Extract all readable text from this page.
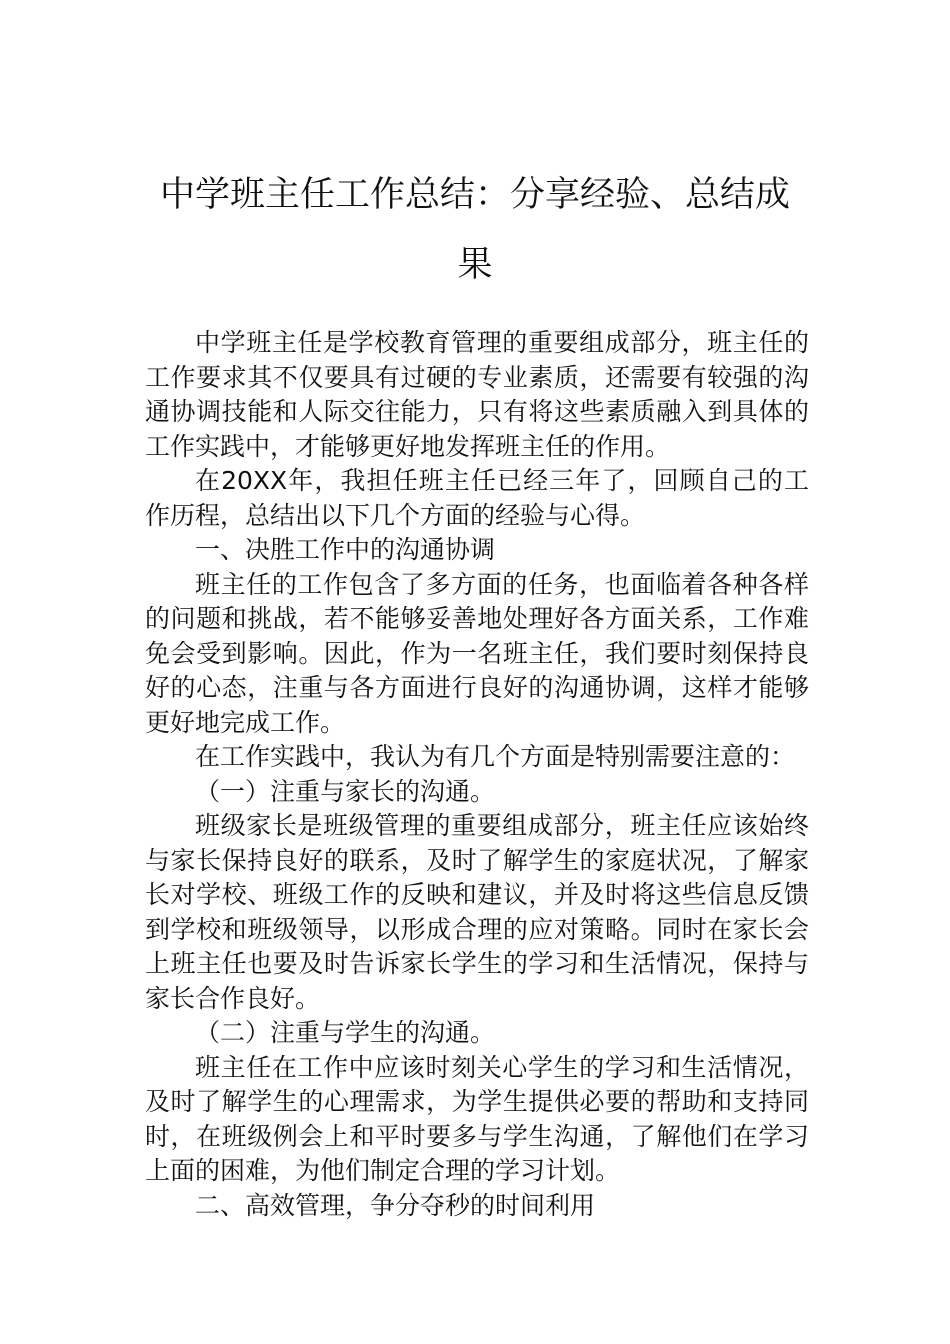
中学班主任工作总结：分享经验、总结成果

中学班主任是学校教育管理的重要组成部分，班主任的工作要求其不仅要具有过硬的专业素质，还需要有较强的沟通协调技能和人际交往能力，只有将这些素质融入到具体的工作实践中，才能够更好地发挥班主任的作用。

在20XX年，我担任班主任已经三年了，回顾自己的工作历程，总结出以下几个方面的经验与心得。

一、决胜工作中的沟通协调

班主任的工作包含了多方面的任务，也面临着各种各样的问题和挑战，若不能够妥善地处理好各方面关系，工作难免会受到影响。因此，作为一名班主任，我们要时刻保持良好的心态，注重与各方面进行良好的沟通协调，这样才能够更好地完成工作。

在工作实践中，我认为有几个方面是特别需要注意的：

（一）注重与家长的沟通。

班级家长是班级管理的重要组成部分，班主任应该始终与家长保持良好的联系，及时了解学生的家庭状况，了解家长对学校、班级工作的反映和建议，并及时将这些信息反馈到学校和班级领导，以形成合理的应对策略。同时在家长会上班主任也要及时告诉家长学生的学习和生活情况，保持与家长合作良好。

（二）注重与学生的沟通。

班主任在工作中应该时刻关心学生的学习和生活情况，及时了解学生的心理需求，为学生提供必要的帮助和支持同时，在班级例会上和平时要多与学生沟通，了解他们在学习上面的困难，为他们制定合理的学习计划。

二、高效管理，争分夺秒的时间利用
